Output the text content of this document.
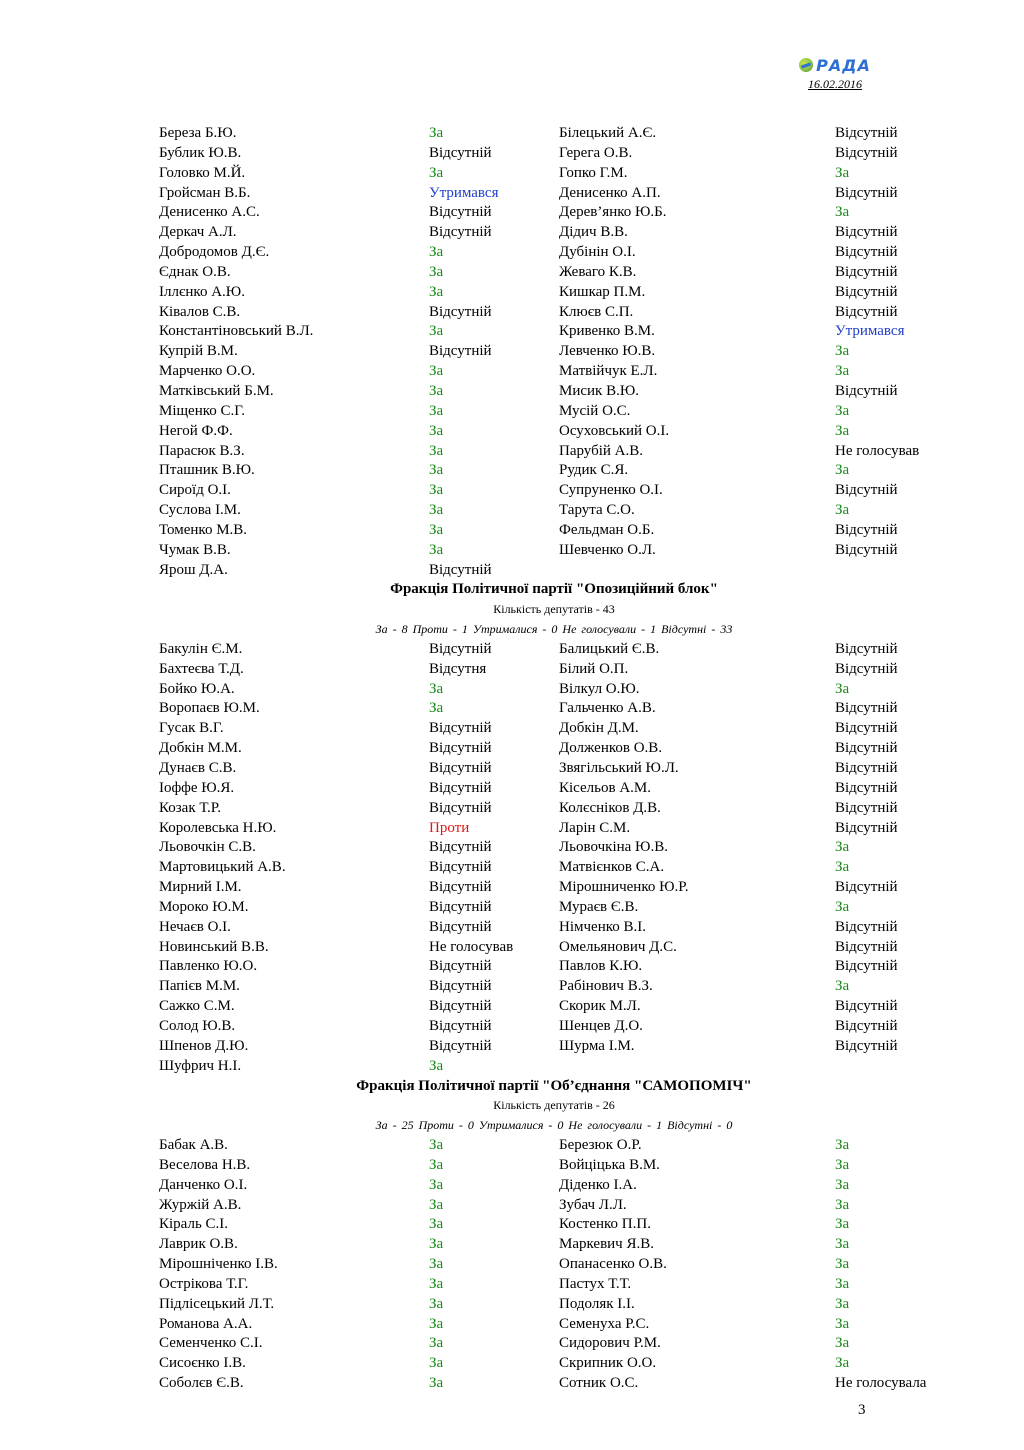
РАДА
16.02.2016
Береза Б.Ю.	За	Білецький А.Є.	Відсутній
Бублик Ю.В.	Відсутній	Герега О.В.	Відсутній
Головко М.Й.	За	Гопко Г.М.	За
Гройсман В.Б.	Утримався	Денисенко А.П.	Відсутній
Денисенко А.С.	Відсутній	Дерев’янко Ю.Б.	За
Деркач А.Л.	Відсутній	Дідич В.В.	Відсутній
Добродомов Д.Є.	За	Дубінін О.І.	Відсутній
Єднак О.В.	За	Жеваго К.В.	Відсутній
Іллєнко А.Ю.	За	Кишкар П.М.	Відсутній
Ківалов С.В.	Відсутній	Клюєв С.П.	Відсутній
Константіновський В.Л.	За	Кривенко В.М.	Утримався
Купрій В.М.	Відсутній	Левченко Ю.В.	За
Марченко О.О.	За	Матвійчук Е.Л.	За
Матківський Б.М.	За	Мисик В.Ю.	Відсутній
Міщенко С.Г.	За	Мусій О.С.	За
Негой Ф.Ф.	За	Осуховський О.І.	За
Парасюк В.З.	За	Парубій А.В.	Не голосував
Пташник В.Ю.	За	Рудик С.Я.	За
Сироїд О.І.	За	Супруненко О.І.	Відсутній
Суслова І.М.	За	Тарута С.О.	За
Томенко М.В.	За	Фельдман О.Б.	Відсутній
Чумак В.В.	За	Шевченко О.Л.	Відсутній
Ярош Д.А.	Відсутній
Фракція Політичної партії "Опозиційний блок"
Кількість депутатів - 43
За - 8 Проти - 1 Утрималися - 0 Не голосували - 1 Відсутні - 33
Бакулін Є.М.	Відсутній	Балицький Є.В.	Відсутній
Бахтеєва Т.Д.	Відсутня	Білий О.П.	Відсутній
Бойко Ю.А.	За	Вілкул О.Ю.	За
Воропаєв Ю.М.	За	Гальченко А.В.	Відсутній
Гусак В.Г.	Відсутній	Добкін Д.М.	Відсутній
Добкін М.М.	Відсутній	Долженков О.В.	Відсутній
Дунаєв С.В.	Відсутній	Звягільський Ю.Л.	Відсутній
Іоффе Ю.Я.	Відсутній	Кісельов А.М.	Відсутній
Козак Т.Р.	Відсутній	Колєсніков Д.В.	Відсутній
Королевська Н.Ю.	Проти	Ларін С.М.	Відсутній
Льовочкін С.В.	Відсутній	Льовочкіна Ю.В.	За
Мартовицький А.В.	Відсутній	Матвієнков С.А.	За
Мирний І.М.	Відсутній	Мірошниченко Ю.Р.	Відсутній
Мороко Ю.М.	Відсутній	Мураєв Є.В.	За
Нечаєв О.І.	Відсутній	Німченко В.І.	Відсутній
Новинський В.В.	Не голосував	Омельянович Д.С.	Відсутній
Павленко Ю.О.	Відсутній	Павлов К.Ю.	Відсутній
Папієв М.М.	Відсутній	Рабінович В.З.	За
Сажко С.М.	Відсутній	Скорик М.Л.	Відсутній
Солод Ю.В.	Відсутній	Шенцев Д.О.	Відсутній
Шпенов Д.Ю.	Відсутній	Шурма І.М.	Відсутній
Шуфрич Н.І.	За
Фракція Політичної партії "Об’єднання "САМОПОМІЧ"
Кількість депутатів - 26
За - 25 Проти - 0 Утрималися - 0 Не голосували - 1 Відсутні - 0
Бабак А.В.	За	Березюк О.Р.	За
Веселова Н.В.	За	Войціцька В.М.	За
Данченко О.І.	За	Діденко І.А.	За
Журжій А.В.	За	Зубач Л.Л.	За
Кіраль С.І.	За	Костенко П.П.	За
Лаврик О.В.	За	Маркевич Я.В.	За
Мірошніченко І.В.	За	Опанасенко О.В.	За
Острікова Т.Г.	За	Пастух Т.Т.	За
Підлісецький Л.Т.	За	Подоляк І.І.	За
Романова А.А.	За	Семенуха Р.С.	За
Семенченко С.І.	За	Сидорович Р.М.	За
Сисоєнко І.В.	За	Скрипник О.О.	За
Соболєв Є.В.	За	Сотник О.С.	Не голосувала
3
